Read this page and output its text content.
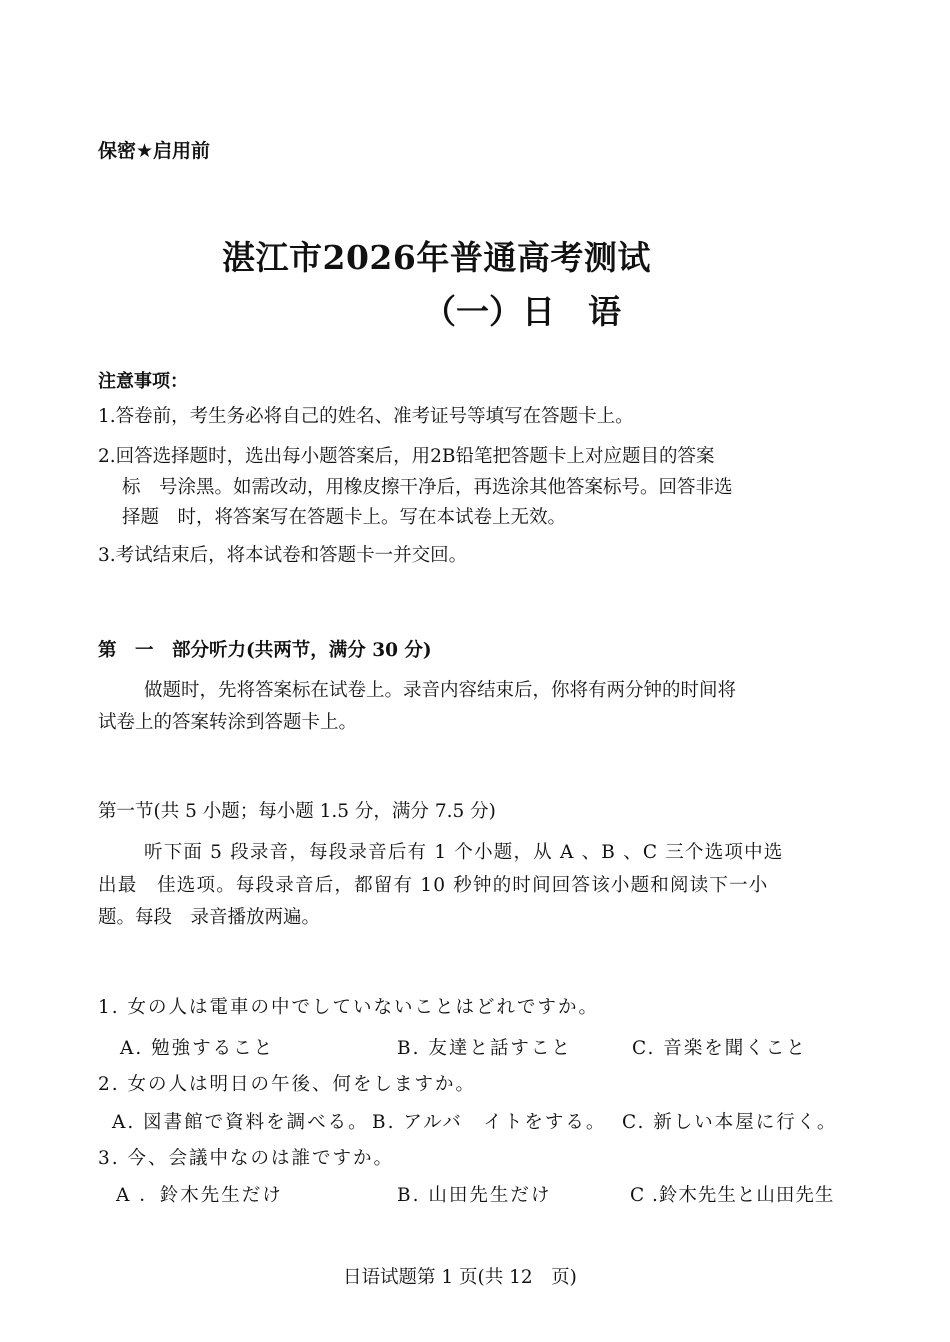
保密★启用前
湛江市2026年普通高考测试
（一）日　语
注意事项：
1.答卷前，考生务必将自己的姓名、准考证号等填写在答题卡上。
2.回答选择题时，选出每小题答案后，用2B铅笔把答题卡上对应题目的答案
标　号涂黑。如需改动，用橡皮擦干净后，再选涂其他答案标号。回答非选
择题　时，将答案写在答题卡上。写在本试卷上无效。
3.考试结束后，将本试卷和答题卡一并交回。
第　一　部分听力(共两节，满分 30 分)
做题时，先将答案标在试卷上。录音内容结束后，你将有两分钟的时间将
试卷上的答案转涂到答题卡上。
第一节(共 5 小题；每小题 1.5 分，满分 7.5 分)
听下面 5 段录音，每段录音后有 1 个小题，从 A 、B 、C 三个选项中选
出最　佳选项。每段录音后，都留有 10 秒钟的时间回答该小题和阅读下一小
题。每段　录音播放两遍。
1. 女の人は電車の中でしていないことはどれですか。
A. 勉強すること	B. 友達と話すこと	C. 音楽を聞くこと
2. 女の人は明日の午後、何をしますか。
A. 図書館で資料を調べる。 B. アルバ　イトをする。 C. 新しい本屋に行く。
3. 今、会議中なのは誰ですか。
A ．鈴木先生だけ	B. 山田先生だけ	C .鈴木先生と山田先生
日语试题第 1 页(共 12　页)
